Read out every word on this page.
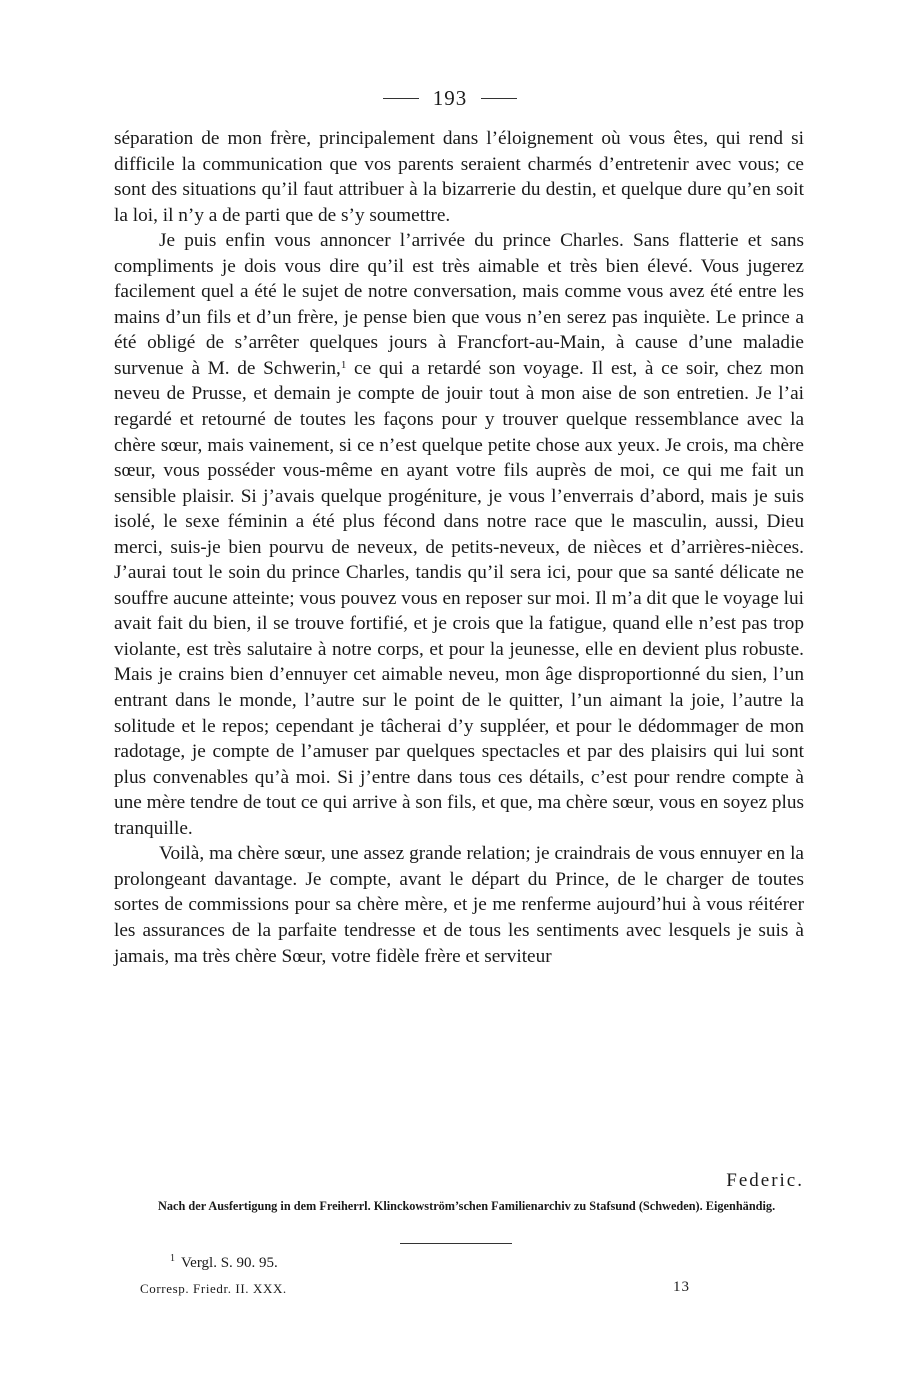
193

séparation de mon frère, principalement dans l’éloignement où vous êtes, qui rend si difficile la communication que vos parents seraient charmés d’entretenir avec vous; ce sont des situations qu’il faut attribuer à la bizarrerie du destin, et quelque dure qu’en soit la loi, il n’y a de parti que de s’y soumettre.

Je puis enfin vous annoncer l’arrivée du prince Charles. Sans flatterie et sans compliments je dois vous dire qu’il est très aimable et très bien élevé. Vous jugerez facilement quel a été le sujet de notre conversation, mais comme vous avez été entre les mains d’un fils et d’un frère, je pense bien que vous n’en serez pas inquiète. Le prince a été obligé de s’arrêter quelques jours à Francfort-au-Main, à cause d’une maladie survenue à M. de Schwerin,$^1$ ce qui a retardé son voyage. Il est, à ce soir, chez mon neveu de Prusse, et demain je compte de jouir tout à mon aise de son entretien. Je l’ai regardé et retourné de toutes les façons pour y trouver quelque ressemblance avec la chère sœur, mais vainement, si ce n’est quelque petite chose aux yeux. Je crois, ma chère sœur, vous posséder vous-même en ayant votre fils auprès de moi, ce qui me fait un sensible plaisir. Si j’avais quelque progéniture, je vous l’enverrais d’abord, mais je suis isolé, le sexe féminin a été plus fécond dans notre race que le masculin, aussi, Dieu merci, suis-je bien pourvu de neveux, de petits-neveux, de nièces et d’arrières-nièces. J’aurai tout le soin du prince Charles, tandis qu’il sera ici, pour que sa santé délicate ne souffre aucune atteinte; vous pouvez vous en reposer sur moi. Il m’a dit que le voyage lui avait fait du bien, il se trouve fortifié, et je crois que la fatigue, quand elle n’est pas trop violante, est très salutaire à notre corps, et pour la jeunesse, elle en devient plus robuste. Mais je crains bien d’ennuyer cet aimable neveu, mon âge disproportionné du sien, l’un entrant dans le monde, l’autre sur le point de le quitter, l’un aimant la joie, l’autre la solitude et le repos; cependant je tâcherai d’y suppléer, et pour le dédommager de mon radotage, je compte de l’amuser par quelques spectacles et par des plaisirs qui lui sont plus convenables qu’à moi. Si j’entre dans tous ces détails, c’est pour rendre compte à une mère tendre de tout ce qui arrive à son fils, et que, ma chère sœur, vous en soyez plus tranquille.

Voilà, ma chère sœur, une assez grande relation; je craindrais de vous ennuyer en la prolongeant davantage. Je compte, avant le départ du Prince, de le charger de toutes sortes de commissions pour sa chère mère, et je me renferme aujourd’hui à vous réitérer les assurances de la parfaite tendresse et de tous les sentiments avec lesquels je suis à jamais, ma très chère Sœur, votre fidèle frère et serviteur

Federic.
Nach der Ausfertigung in dem Freiherrl. Klinckowström’schen Familienarchiv zu Stafsund (Schweden). Eigenhändig.
$^1$ Vergl. S. 90. 95.
Corresp. Friedr. II. XXX.	13
